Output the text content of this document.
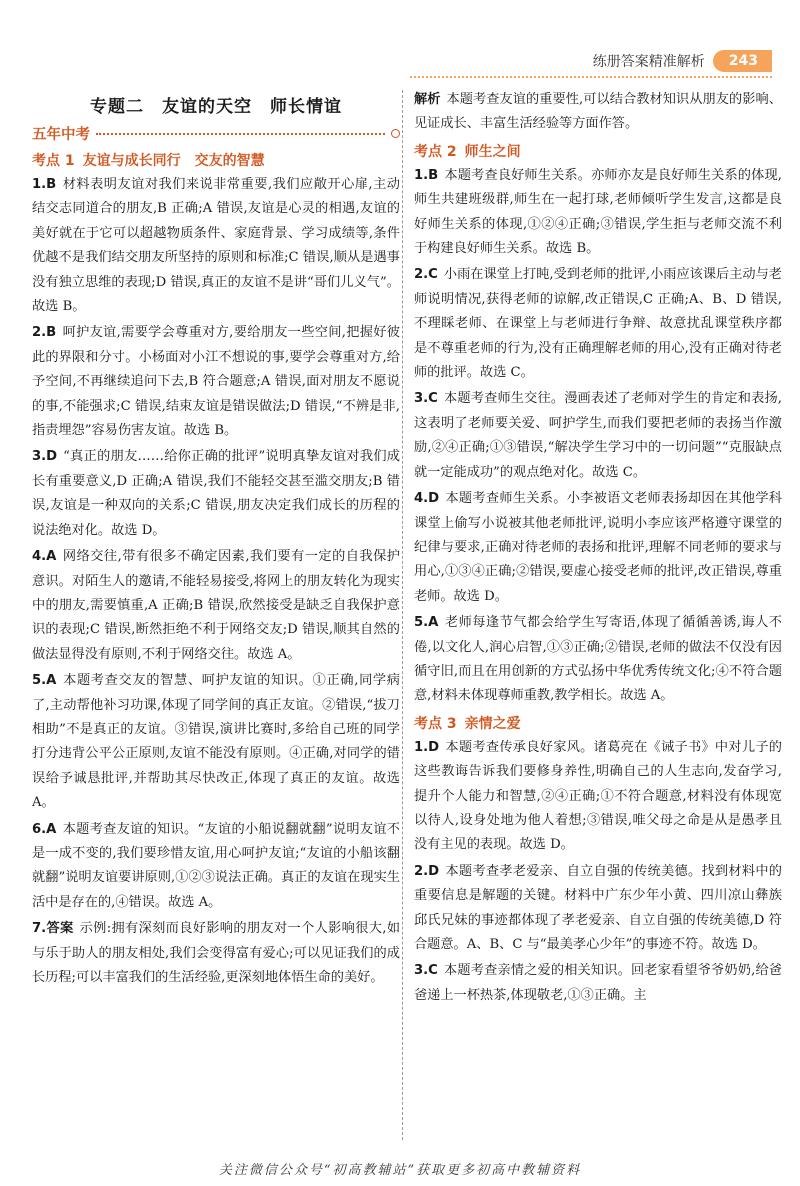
练册答案精准解析	243
专题二　友谊的天空　师长情谊
五年中考
考点 1 友谊与成长同行　交友的智慧

1.B 材料表明友谊对我们来说非常重要,我们应敞开心扉,主动结交志同道合的朋友,B 正确;A 错误,友谊是心灵的相遇,友谊的美好就在于它可以超越物质条件、家庭背景、学习成绩等,条件优越不是我们结交朋友所坚持的原则和标准;C 错误,顺从是遇事没有独立思维的表现;D 错误,真正的友谊不是讲“哥们儿义气”。故选 B。

2.B 呵护友谊,需要学会尊重对方,要给朋友一些空间,把握好彼此的界限和分寸。小杨面对小江不想说的事,要学会尊重对方,给予空间,不再继续追问下去,B 符合题意;A 错误,面对朋友不愿说的事,不能强求;C 错误,结束友谊是错误做法;D 错误,“不辨是非,指责埋怨”容易伤害友谊。故选 B。

3.D “真正的朋友……给你正确的批评”说明真挚友谊对我们成长有重要意义,D 正确;A 错误,我们不能轻交甚至滥交朋友;B 错误,友谊是一种双向的关系;C 错误,朋友决定我们成长的历程的说法绝对化。故选 D。

4.A 网络交往,带有很多不确定因素,我们要有一定的自我保护意识。对陌生人的邀请,不能轻易接受,将网上的朋友转化为现实中的朋友,需要慎重,A 正确;B 错误,欣然接受是缺乏自我保护意识的表现;C 错误,断然拒绝不利于网络交友;D 错误,顺其自然的做法显得没有原则,不利于网络交往。故选 A。

5.A 本题考查交友的智慧、呵护友谊的知识。①正确,同学病了,主动帮他补习功课,体现了同学间的真正友谊。②错误,“拔刀相助”不是真正的友谊。③错误,演讲比赛时,多给自己班的同学打分违背公平公正原则,友谊不能没有原则。④正确,对同学的错误给予诚恳批评,并帮助其尽快改正,体现了真正的友谊。故选 A。

6.A 本题考查友谊的知识。“友谊的小船说翻就翻”说明友谊不是一成不变的,我们要珍惜友谊,用心呵护友谊;“友谊的小船该翻就翻”说明友谊要讲原则,①②③说法正确。真正的友谊在现实生活中是存在的,④错误。故选 A。

7.答案 示例:拥有深刻而良好影响的朋友对一个人影响很大,如与乐于助人的朋友相处,我们会变得富有爱心;可以见证我们的成长历程;可以丰富我们的生活经验,更深刻地体悟生命的美好。

解析 本题考查友谊的重要性,可以结合教材知识从朋友的影响、见证成长、丰富生活经验等方面作答。

考点 2 师生之间

1.B 本题考查良好师生关系。亦师亦友是良好师生关系的体现,师生共建班级群,师生在一起打球,老师倾听学生发言,这都是良好师生关系的体现,①②④正确;③错误,学生拒与老师交流不利于构建良好师生关系。故选 B。

2.C 小雨在课堂上打盹,受到老师的批评,小雨应该课后主动与老师说明情况,获得老师的谅解,改正错误,C 正确;A、B、D 错误,不理睬老师、在课堂上与老师进行争辩、故意扰乱课堂秩序都是不尊重老师的行为,没有正确理解老师的用心,没有正确对待老师的批评。故选 C。

3.C 本题考查师生交往。漫画表述了老师对学生的肯定和表扬,这表明了老师要关爱、呵护学生,而我们要把老师的表扬当作激励,②④正确;①③错误,“解决学生学习中的一切问题”“克服缺点就一定能成功”的观点绝对化。故选 C。

4.D 本题考查师生关系。小李被语文老师表扬却因在其他学科课堂上偷写小说被其他老师批评,说明小李应该严格遵守课堂的纪律与要求,正确对待老师的表扬和批评,理解不同老师的要求与用心,①③④正确;②错误,要虚心接受老师的批评,改正错误,尊重老师。故选 D。

5.A 老师每逢节气都会给学生写寄语,体现了循循善诱,诲人不倦,以文化人,润心启智,①③正确;②错误,老师的做法不仅没有因循守旧,而且在用创新的方式弘扬中华优秀传统文化;④不符合题意,材料未体现尊师重教,教学相长。故选 A。

考点 3 亲情之爱

1.D 本题考查传承良好家风。诸葛亮在《诫子书》中对儿子的这些教诲告诉我们要修身养性,明确自己的人生志向,发奋学习,提升个人能力和智慧,②④正确;①不符合题意,材料没有体现宽以待人,设身处地为他人着想;③错误,唯父母之命是从是愚孝且没有主见的表现。故选 D。

2.D 本题考查孝老爱亲、自立自强的传统美德。找到材料中的重要信息是解题的关键。材料中广东少年小黄、四川凉山彝族邱氏兄妹的事迹都体现了孝老爱亲、自立自强的传统美德,D 符合题意。A、B、C 与“最美孝心少年”的事迹不符。故选 D。

3.C 本题考查亲情之爱的相关知识。回老家看望爷爷奶奶,给爸爸递上一杯热茶,体现敬老,①③正确。主

关注微信公众号“初高教辅站”获取更多初高中教辅资料
